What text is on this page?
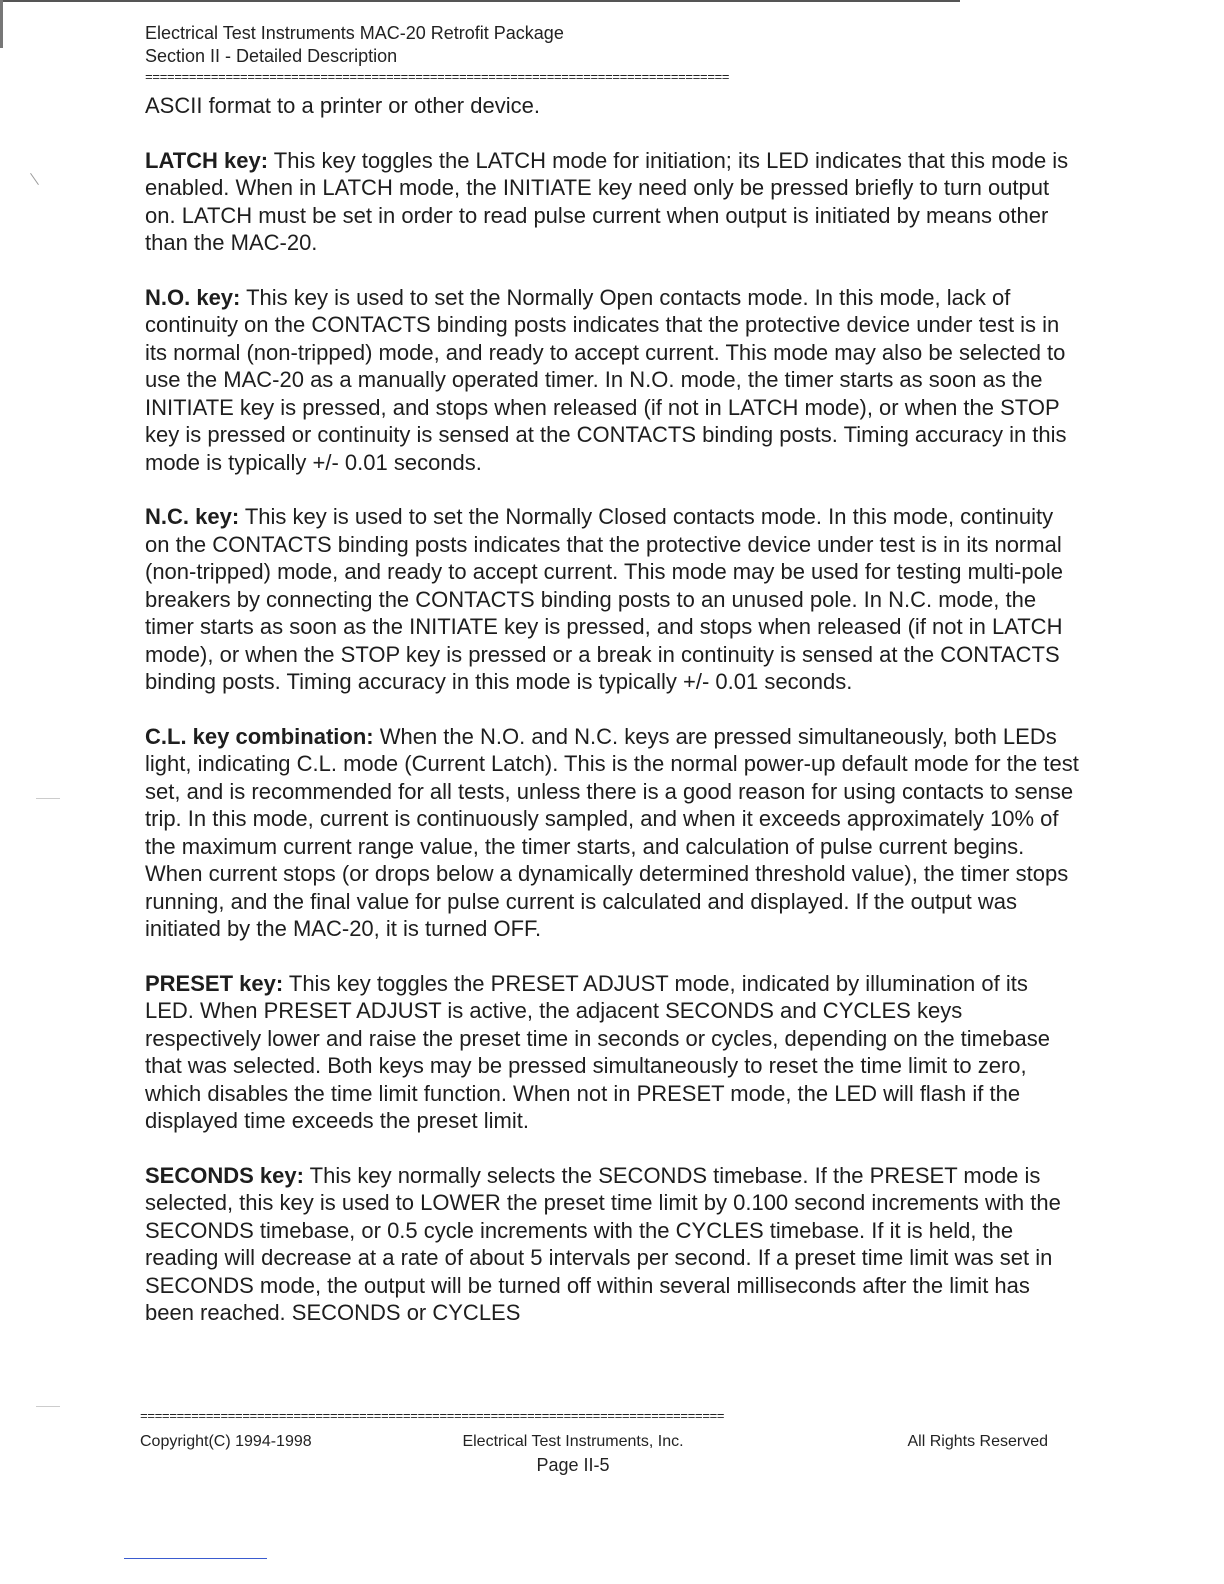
Electrical Test Instruments MAC-20 Retrofit Package
Section II - Detailed Description
================================================================================

ASCII format to a printer or other device.

LATCH key: This key toggles the LATCH mode for initiation; its LED indicates that this mode is enabled. When in LATCH mode, the INITIATE key need only be pressed briefly to turn output on. LATCH must be set in order to read pulse current when output is initiated by means other than the MAC-20.

N.O. key: This key is used to set the Normally Open contacts mode. In this mode, lack of continuity on the CONTACTS binding posts indicates that the protective device under test is in its normal (non-tripped) mode, and ready to accept current. This mode may also be selected to use the MAC-20 as a manually operated timer. In N.O. mode, the timer starts as soon as the INITIATE key is pressed, and stops when released (if not in LATCH mode), or when the STOP key is pressed or continuity is sensed at the CONTACTS binding posts. Timing accuracy in this mode is typically +/- 0.01 seconds.

N.C. key: This key is used to set the Normally Closed contacts mode. In this mode, continuity on the CONTACTS binding posts indicates that the protective device under test is in its normal (non-tripped) mode, and ready to accept current. This mode may be used for testing multi-pole breakers by connecting the CONTACTS binding posts to an unused pole. In N.C. mode, the timer starts as soon as the INITIATE key is pressed, and stops when released (if not in LATCH mode), or when the STOP key is pressed or a break in continuity is sensed at the CONTACTS binding posts. Timing accuracy in this mode is typically +/- 0.01 seconds.

C.L. key combination: When the N.O. and N.C. keys are pressed simultaneously, both LEDs light, indicating C.L. mode (Current Latch). This is the normal power-up default mode for the test set, and is recommended for all tests, unless there is a good reason for using contacts to sense trip. In this mode, current is continuously sampled, and when it exceeds approximately 10% of the maximum current range value, the timer starts, and calculation of pulse current begins. When current stops (or drops below a dynamically determined threshold value), the timer stops running, and the final value for pulse current is calculated and displayed. If the output was initiated by the MAC-20, it is turned OFF.

PRESET key: This key toggles the PRESET ADJUST mode, indicated by illumination of its LED. When PRESET ADJUST is active, the adjacent SECONDS and CYCLES keys respectively lower and raise the preset time in seconds or cycles, depending on the timebase that was selected. Both keys may be pressed simultaneously to reset the time limit to zero, which disables the time limit function. When not in PRESET mode, the LED will flash if the displayed time exceeds the preset limit.

SECONDS key: This key normally selects the SECONDS timebase. If the PRESET mode is selected, this key is used to LOWER the preset time limit by 0.100 second increments with the SECONDS timebase, or 0.5 cycle increments with the CYCLES timebase. If it is held, the reading will decrease at a rate of about 5 intervals per second. If a preset time limit was set in SECONDS mode, the output will be turned off within several milliseconds after the limit has been reached. SECONDS or CYCLES

================================================================================
Copyright(C) 1994-1998	Electrical Test Instruments, Inc.	All Rights Reserved
Page II-5
